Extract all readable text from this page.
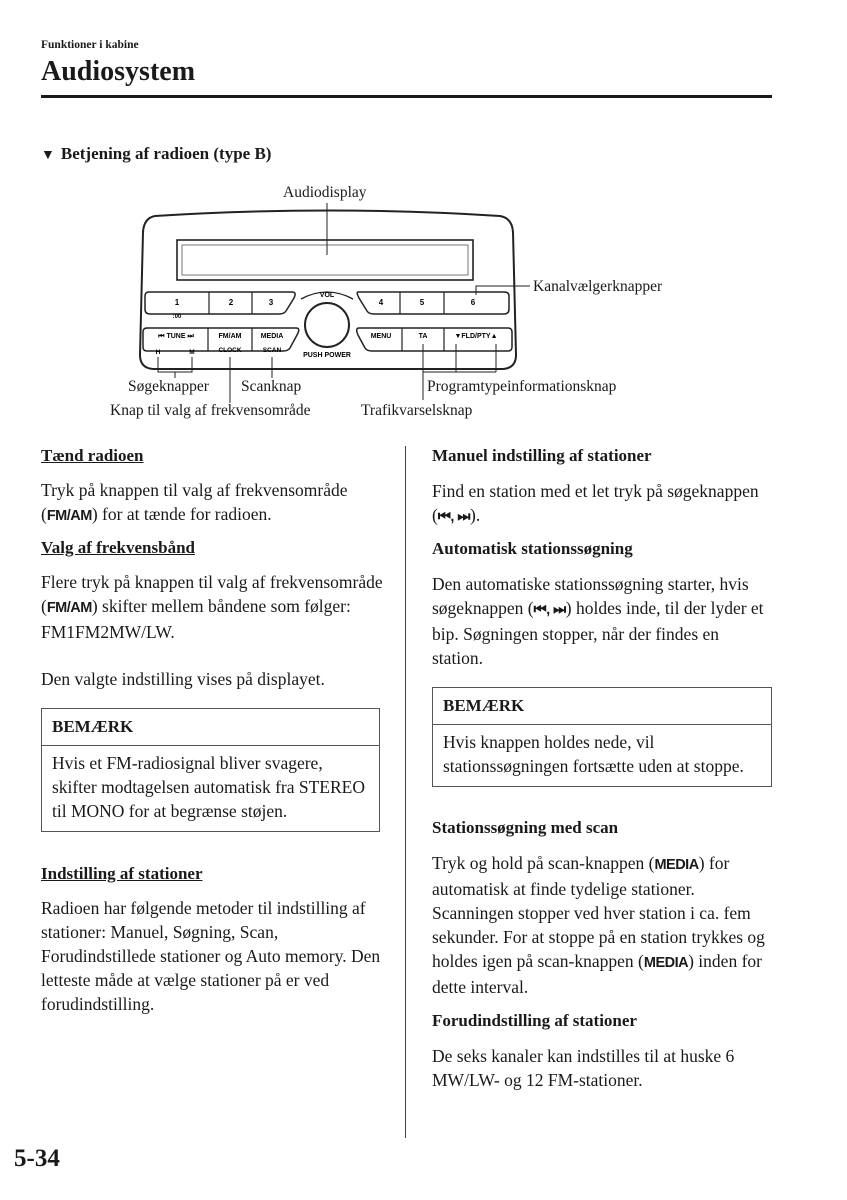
Funktioner i kabine
Audiosystem
▼ Betjening af radioen (type B)
1
:00
2	3	4	5	6
VOL
PUSH POWER
⏮ TUNE ⏭
H	M
FM/AM
CLOCK
MEDIA
SCAN
MENU	TA	▼FLD/PTY▲
Audiodisplay
Kanalvælgerknapper
Søgeknapper Scanknap	Programtypeinformationsknap
Knap til valg af frekvensområde	Trafikvarselsknap
Tænd radioen

Tryk på knappen til valg af frekvensområde (FM/AM) for at tænde for radioen.

Valg af frekvensbånd

Flere tryk på knappen til valg af frekvensområde (FM/AM) skifter mellem båndene som følger: FM1FM2MW/LW.

Den valgte indstilling vises på displayet.
BEMÆRK
Hvis et FM-radiosignal bliver svagere, skifter modtagelsen automatisk fra STEREO til MONO for at begrænse støjen.
Indstilling af stationer
Radioen har følgende metoder til indstilling af stationer: Manuel, Søgning, Scan, Forudindstillede stationer og Auto memory. Den letteste måde at vælge stationer på er ved forudindstilling.
Manuel indstilling af stationer

Find en station med et let tryk på søgeknappen (⏮, ⏭).

Automatisk stationssøgning

Den automatiske stationssøgning starter, hvis søgeknappen (⏮, ⏭) holdes inde, til der lyder et bip. Søgningen stopper, når der findes en station.

BEMÆRK
Hvis knappen holdes nede, vil stationssøgningen fortsætte uden at stoppe.
Stationssøgning med scan

Tryk og hold på scan-knappen (MEDIA) for automatisk at finde tydelige stationer. Scanningen stopper ved hver station i ca. fem sekunder. For at stoppe på en station trykkes og holdes igen på scan-knappen (MEDIA) inden for dette interval.

Forudindstilling af stationer
De seks kanaler kan indstilles til at huske 6 MW/LW- og 12 FM-stationer.
5-34
